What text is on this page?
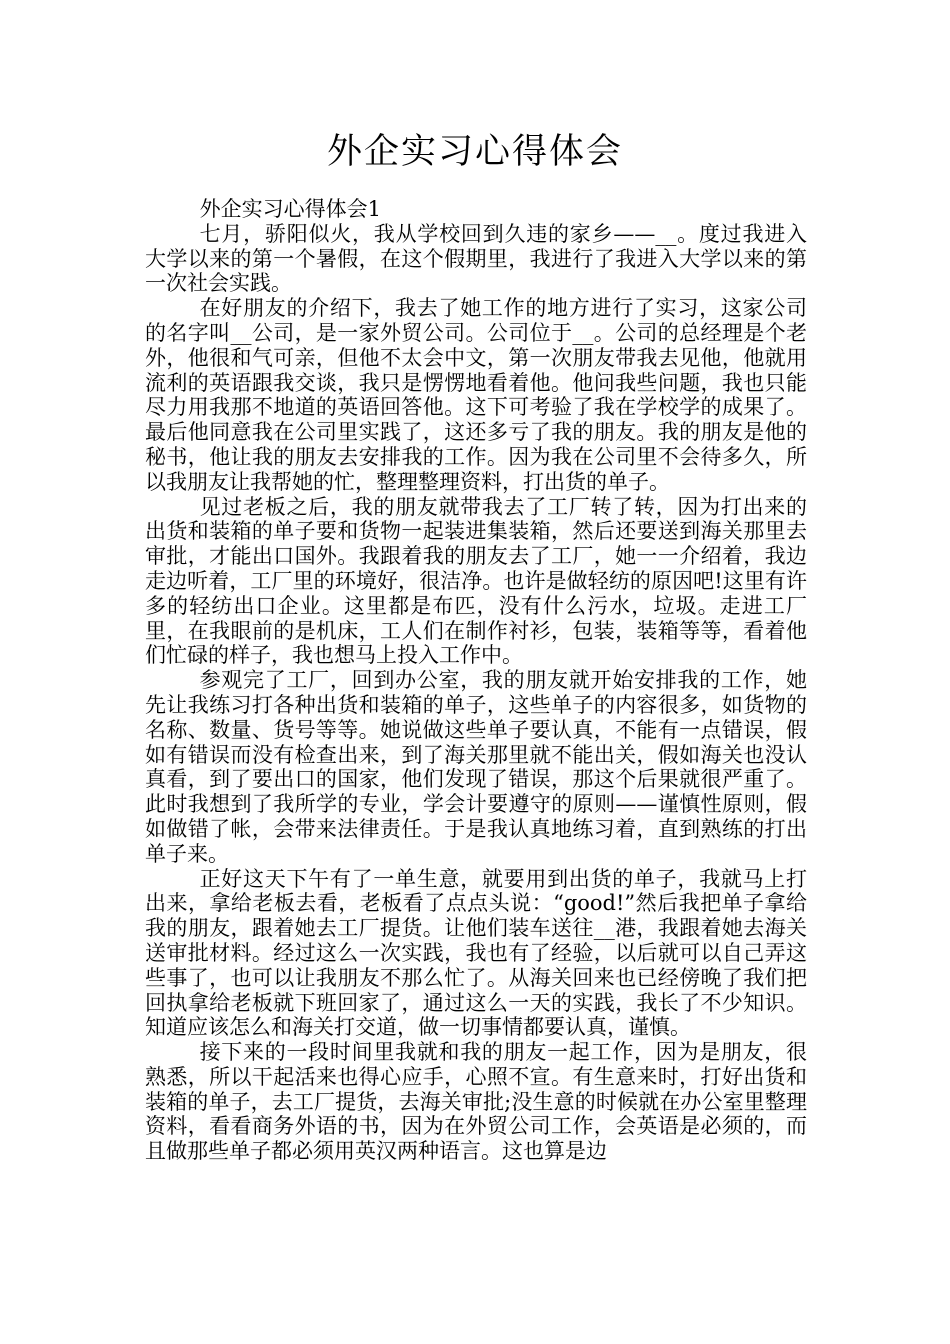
外企实习心得体会

外企实习心得体会1

七月，骄阳似火，我从学校回到久违的家乡——__。度过我进入大学以来的第一个暑假，在这个假期里，我进行了我进入大学以来的第一次社会实践。

在好朋友的介绍下，我去了她工作的地方进行了实习，这家公司的名字叫__公司，是一家外贸公司。公司位于__。公司的总经理是个老外，他很和气可亲，但他不太会中文，第一次朋友带我去见他，他就用流利的英语跟我交谈，我只是愣愣地看着他。他问我些问题，我也只能尽力用我那不地道的英语回答他。这下可考验了我在学校学的成果了。最后他同意我在公司里实践了，这还多亏了我的朋友。我的朋友是他的秘书，他让我的朋友去安排我的工作。因为我在公司里不会待多久，所以我朋友让我帮她的忙，整理整理资料，打出货的单子。

见过老板之后，我的朋友就带我去了工厂转了转，因为打出来的出货和装箱的单子要和货物一起装进集装箱，然后还要送到海关那里去审批，才能出口国外。我跟着我的朋友去了工厂，她一一介绍着，我边走边听着，工厂里的环境好，很洁净。也许是做轻纺的原因吧!这里有许多的轻纺出口企业。这里都是布匹，没有什么污水，垃圾。走进工厂里，在我眼前的是机床，工人们在制作衬衫，包装，装箱等等，看着他们忙碌的样子，我也想马上投入工作中。

参观完了工厂，回到办公室，我的朋友就开始安排我的工作，她先让我练习打各种出货和装箱的单子，这些单子的内容很多，如货物的名称、数量、货号等等。她说做这些单子要认真，不能有一点错误，假如有错误而没有检查出来，到了海关那里就不能出关，假如海关也没认真看，到了要出口的国家，他们发现了错误，那这个后果就很严重了。此时我想到了我所学的专业，学会计要遵守的原则——谨慎性原则，假如做错了帐，会带来法律责任。于是我认真地练习着，直到熟练的打出单子来。

正好这天下午有了一单生意，就要用到出货的单子，我就马上打出来，拿给老板去看，老板看了点点头说：“good!”然后我把单子拿给我的朋友，跟着她去工厂提货。让他们装车送往__港，我跟着她去海关送审批材料。经过这么一次实践，我也有了经验，以后就可以自己弄这些事了，也可以让我朋友不那么忙了。从海关回来也已经傍晚了我们把回执拿给老板就下班回家了，通过这么一天的实践，我长了不少知识。知道应该怎么和海关打交道，做一切事情都要认真，谨慎。

接下来的一段时间里我就和我的朋友一起工作，因为是朋友，很熟悉，所以干起活来也得心应手，心照不宣。有生意来时，打好出货和装箱的单子，去工厂提货，去海关审批;没生意的时候就在办公室里整理资料，看看商务外语的书，因为在外贸公司工作，会英语是必须的，而且做那些单子都必须用英汉两种语言。这也算是边
